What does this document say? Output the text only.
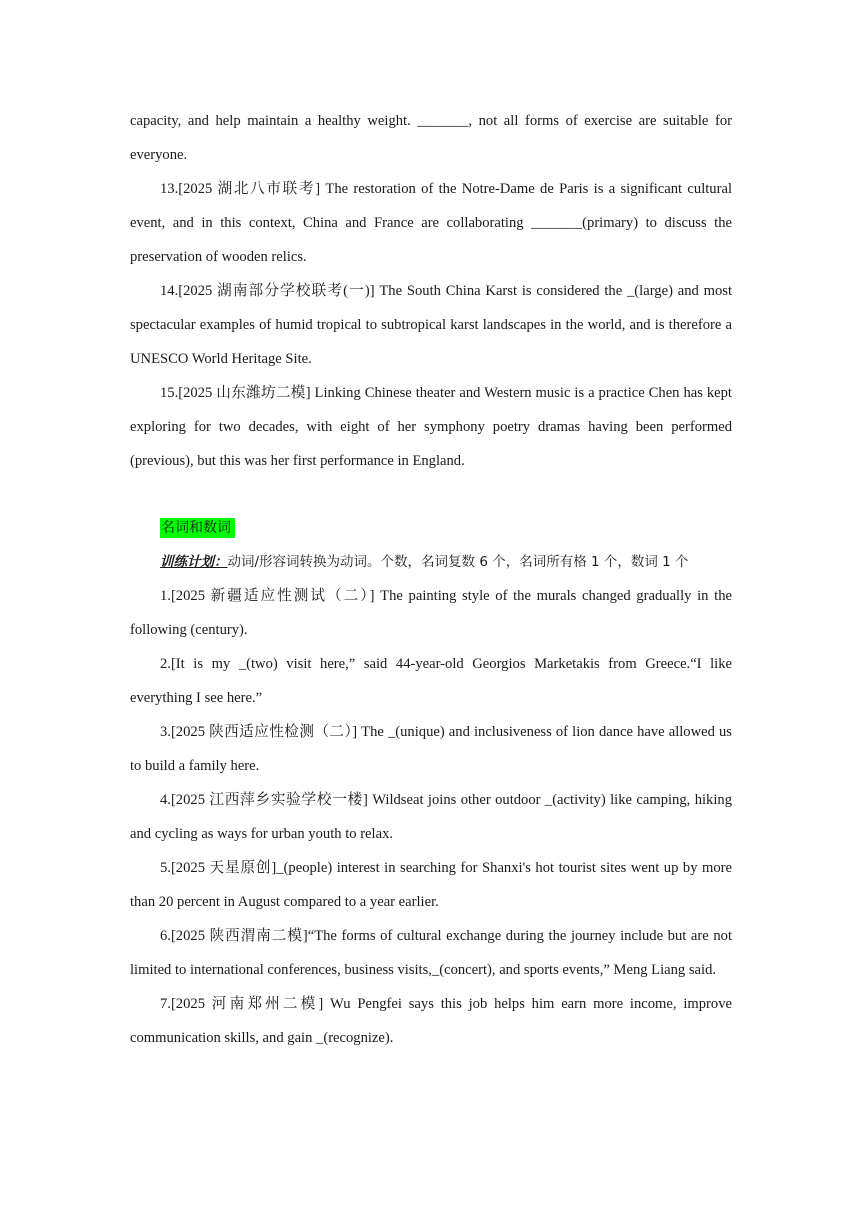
capacity, and help maintain a healthy weight. _______, not all forms of exercise are suitable for everyone.

13.[2025 湖北八市联考] The restoration of the Notre-Dame de Paris is a significant cultural event, and in this context, China and France are collaborating _______(primary) to discuss the preservation of wooden relics.

14.[2025 湖南部分学校联考(一)] The South China Karst is considered the _(large) and most spectacular examples of humid tropical to subtropical karst landscapes in the world, and is therefore a UNESCO World Heritage Site.

15.[2025 山东潍坊二模] Linking Chinese theater and Western music is a practice Chen has kept exploring for two decades, with eight of her symphony poetry dramas having been performed (previous), but this was her first performance in England.

名词和数词

训练计划：动词/形容词转换为动词。个数，名词复数 6 个，名词所有格 1 个，数词 1 个

1.[2025 新疆适应性测试（二）] The painting style of the murals changed gradually in the following (century).

2.[It is my _(two) visit here,” said 44-year-old Georgios Marketakis from Greece.“I like everything I see here.”

3.[2025 陕西适应性检测（二）] The _(unique) and inclusiveness of lion dance have allowed us to build a family here.

4.[2025 江西萍乡实验学校一楼] Wildseat joins other outdoor _(activity) like camping, hiking and cycling as ways for urban youth to relax.

5.[2025 天星原创]_(people) interest in searching for Shanxi's hot tourist sites went up by more than 20 percent in August compared to a year earlier.

6.[2025 陕西渭南二模]“The forms of cultural exchange during the journey include but are not limited to international conferences, business visits,_(concert), and sports events,” Meng Liang said.

7.[2025 河南郑州二模] Wu Pengfei says this job helps him earn more income, improve communication skills, and gain _(recognize).
